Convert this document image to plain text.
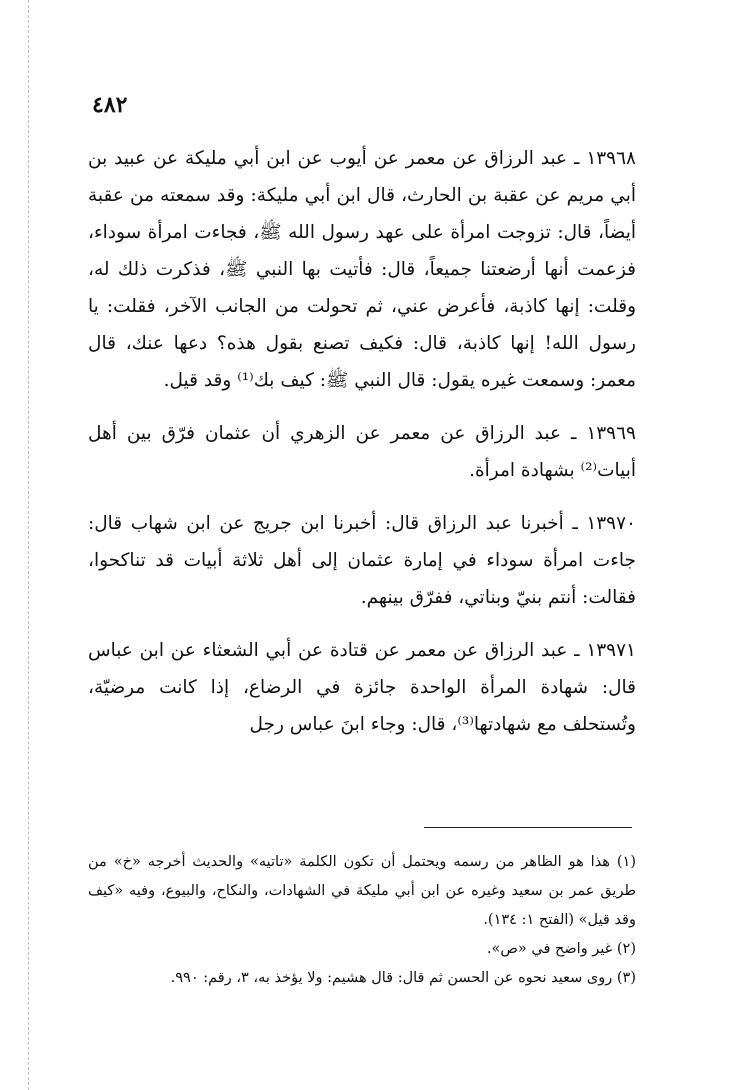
٤٨٢

١٣٩٦٨ ـ عبد الرزاق عن معمر عن أيوب عن ابن أبي مليكة عن عبيد بن أبي مريم عن عقبة بن الحارث، قال ابن أبي مليكة: وقد سمعته من عقبة أيضاً، قال: تزوجت امرأة على عهد رسول الله ﷺ، فجاءت امرأة سوداء، فزعمت أنها أرضعتنا جميعاً، قال: فأتيت بها النبي ﷺ، فذكرت ذلك له، وقلت: إنها كاذبة، فأعرض عني، ثم تحولت من الجانب الآخر، فقلت: يا رسول الله! إنها كاذبة، قال: فكيف تصنع بقول هذه؟ دعها عنك، قال معمر: وسمعت غيره يقول: قال النبي ﷺ: كيف بك⁽¹⁾ وقد قيل.

١٣٩٦٩ ـ عبد الرزاق عن معمر عن الزهري أن عثمان فرّق بين أهل أبيات⁽²⁾ بشهادة امرأة.

١٣٩٧٠ ـ أخبرنا عبد الرزاق قال: أخبرنا ابن جريج عن ابن شهاب قال: جاءت امرأة سوداء في إمارة عثمان إلى أهل ثلاثة أبيات قد تناكحوا، فقالت: أنتم بنيّ وبناتي، ففرّق بينهم.

١٣٩٧١ ـ عبد الرزاق عن معمر عن قتادة عن أبي الشعثاء عن ابن عباس قال: شهادة المرأة الواحدة جائزة في الرضاع، إذا كانت مرضيّة، وتُستحلف مع شهادتها⁽³⁾، قال: وجاء ابنَ عباس رجل

(١) هذا هو الظاهر من رسمه ويحتمل أن تكون الكلمة «تاتيه» والحديث أخرجه «خ» من طريق عمر بن سعيد وغيره عن ابن أبي مليكة في الشهادات، والنكاح، والبيوع، وفيه «كيف وقد قيل» (الفتح ١: ١٣٤).

(٢) غير واضح في «ص».

(٣) روى سعيد نحوه عن الحسن ثم قال: قال هشيم: ولا يؤخذ به، ٣، رقم: ٩٩٠.
